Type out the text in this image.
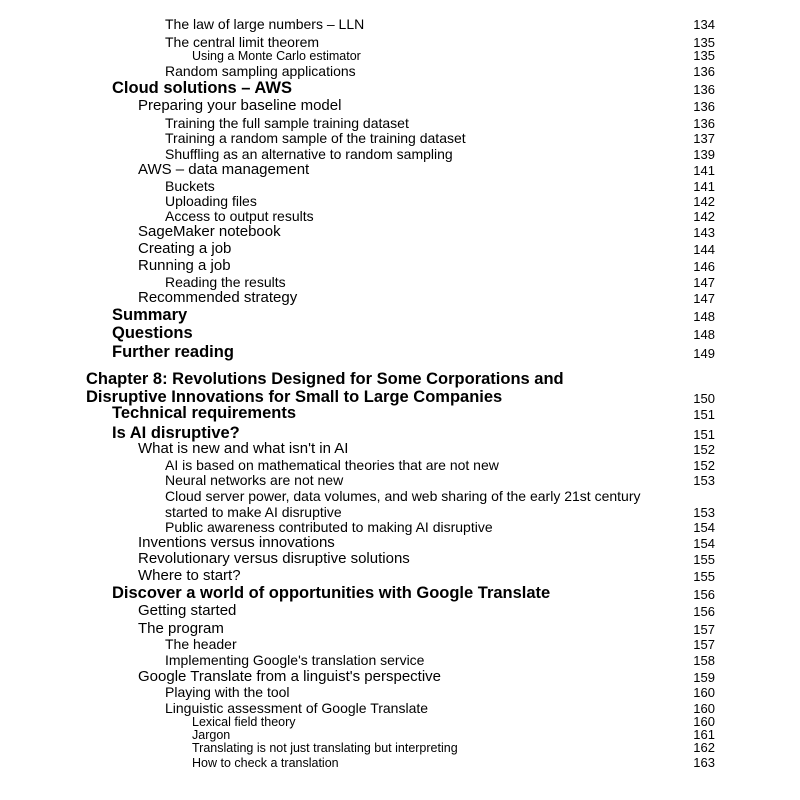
The law of large numbers – LLN	134
The central limit theorem	135
Using a Monte Carlo estimator	135
Random sampling applications	136
Cloud solutions – AWS	136
Preparing your baseline model	136
Training the full sample training dataset	136
Training a random sample of the training dataset	137
Shuffling as an alternative to random sampling	139
AWS – data management	141
Buckets	141
Uploading files	142
Access to output results	142
SageMaker notebook	143
Creating a job	144
Running a job	146
Reading the results	147
Recommended strategy	147
Summary	148
Questions	148
Further reading	149
Chapter 8: Revolutions Designed for Some Corporations and
Disruptive Innovations for Small to Large Companies	150
Technical requirements	151
Is AI disruptive?	151
What is new and what isn't in AI	152
AI is based on mathematical theories that are not new	152
Neural networks are not new	153
Cloud server power, data volumes, and web sharing of the early 21st century
started to make AI disruptive	153
Public awareness contributed to making AI disruptive	154
Inventions versus innovations	154
Revolutionary versus disruptive solutions	155
Where to start?	155
Discover a world of opportunities with Google Translate	156
Getting started	156
The program	157
The header	157
Implementing Google's translation service	158
Google Translate from a linguist's perspective	159
Playing with the tool	160
Linguistic assessment of Google Translate	160
Lexical field theory	160
Jargon	161
Translating is not just translating but interpreting	162
How to check a translation	163
